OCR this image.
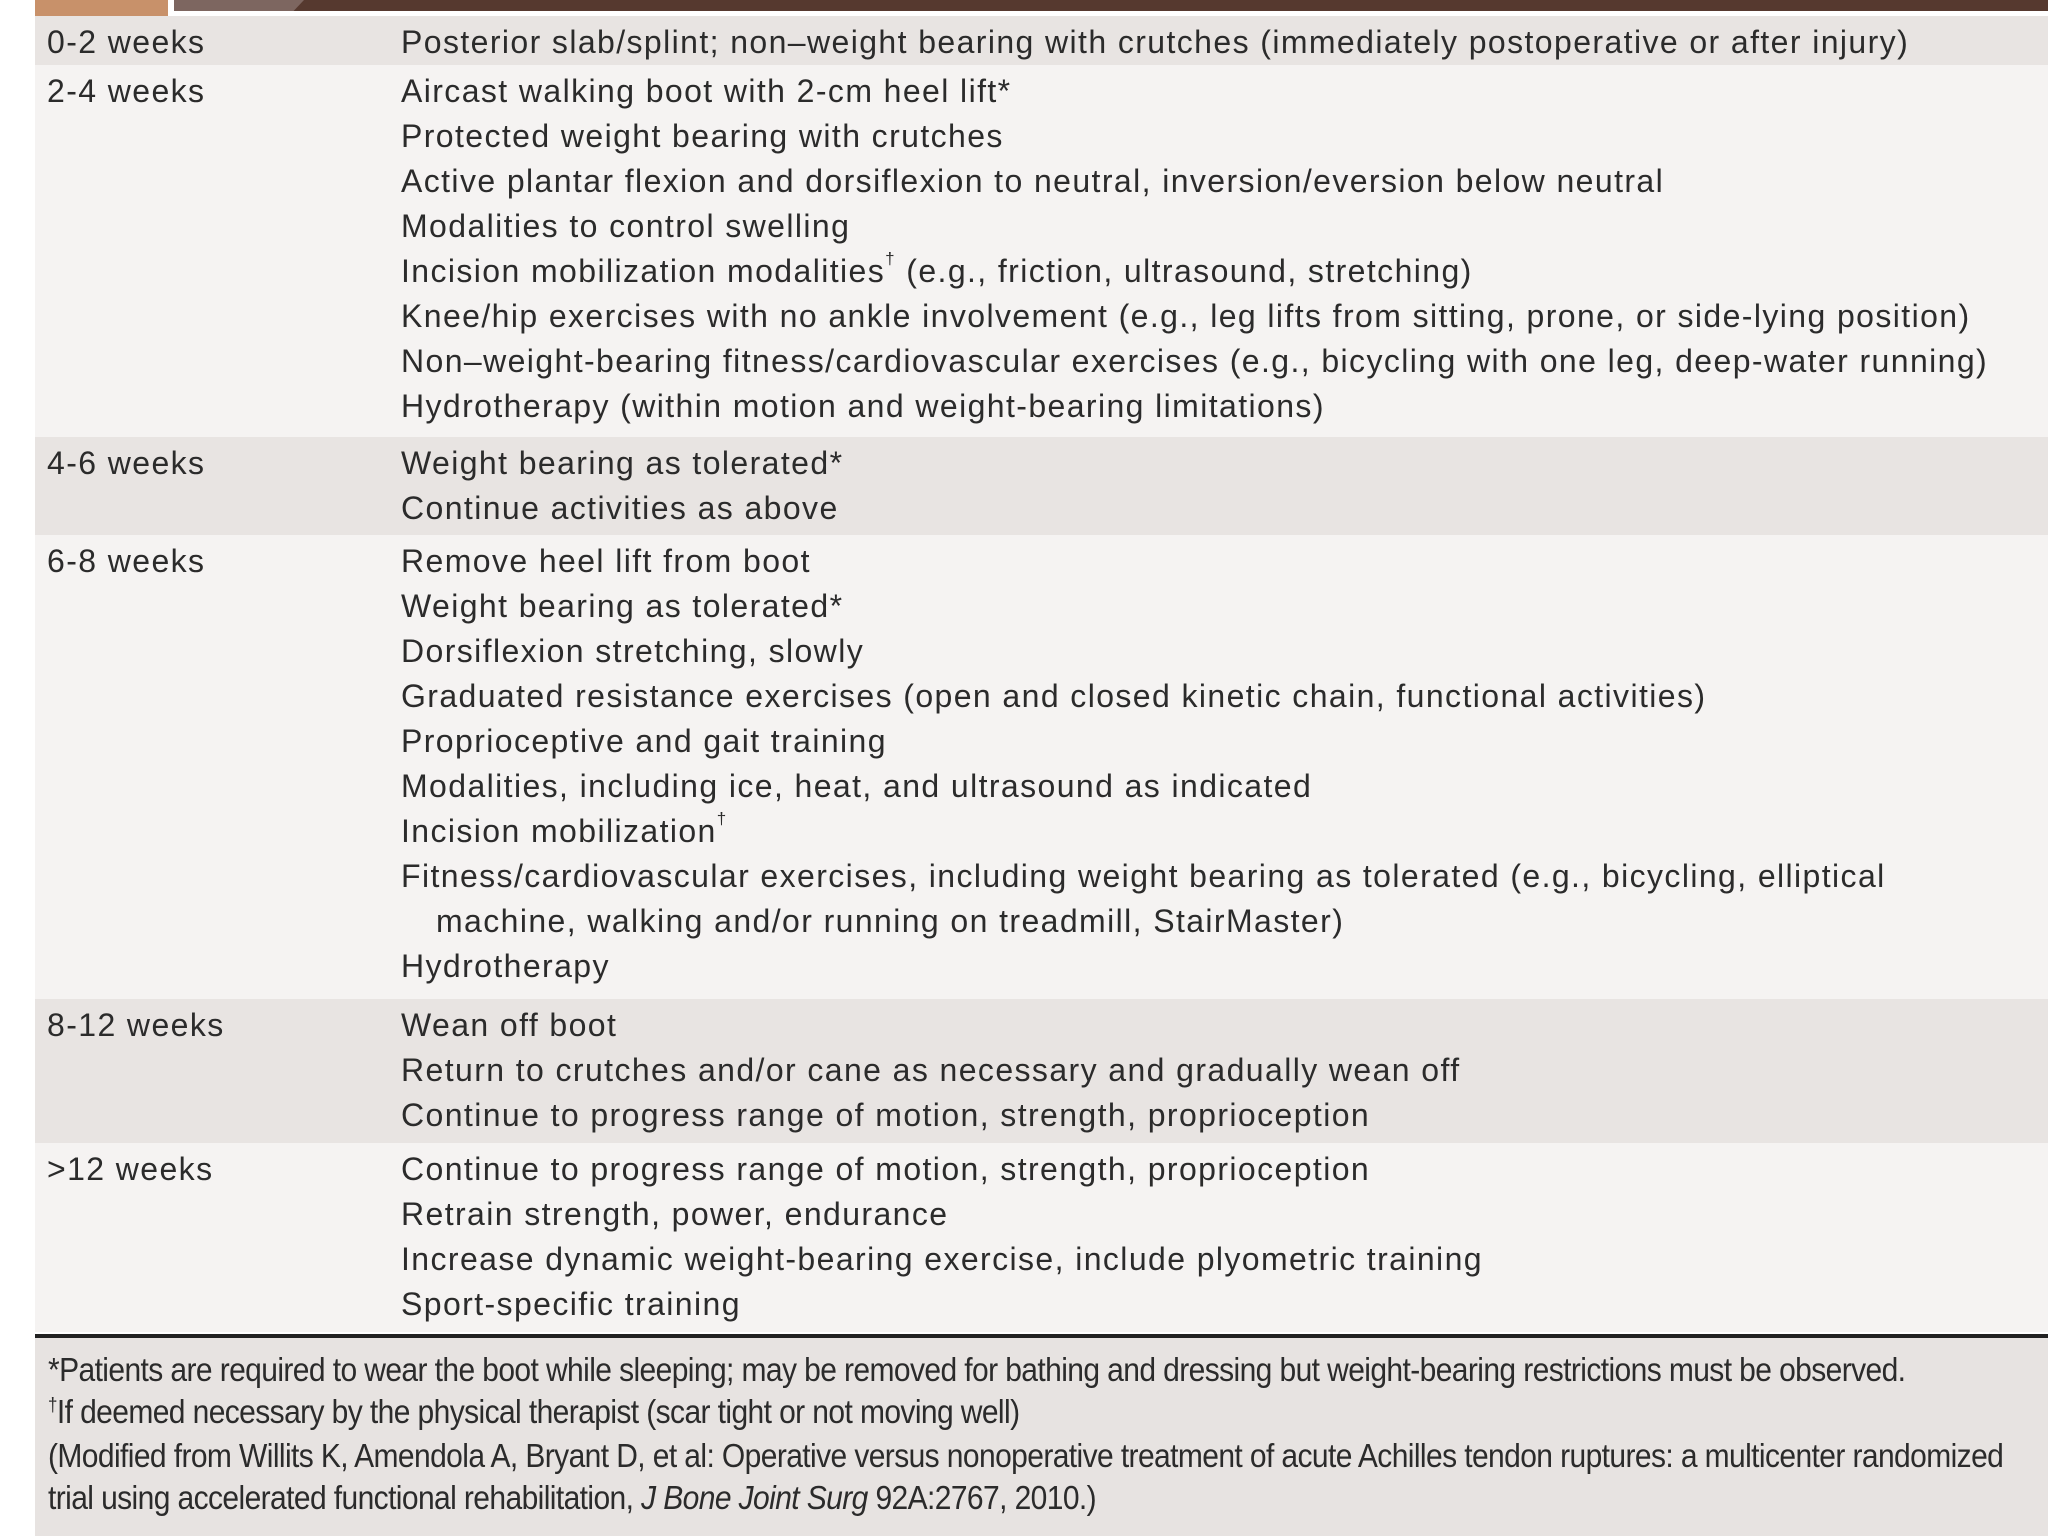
0-2 weeks	Posterior slab/splint; non–weight bearing with crutches (immediately postoperative or after injury)
2-4 weeks	Aircast walking boot with 2-cm heel lift*
Protected weight bearing with crutches
Active plantar flexion and dorsiflexion to neutral, inversion/eversion below neutral
Modalities to control swelling
Incision mobilization modalities† (e.g., friction, ultrasound, stretching)
Knee/hip exercises with no ankle involvement (e.g., leg lifts from sitting, prone, or side-lying position)
Non–weight-bearing fitness/cardiovascular exercises (e.g., bicycling with one leg, deep-water running)
Hydrotherapy (within motion and weight-bearing limitations)
4-6 weeks	Weight bearing as tolerated*
Continue activities as above
6-8 weeks	Remove heel lift from boot
Weight bearing as tolerated*
Dorsiflexion stretching, slowly
Graduated resistance exercises (open and closed kinetic chain, functional activities)
Proprioceptive and gait training
Modalities, including ice, heat, and ultrasound as indicated
Incision mobilization†
Fitness/cardiovascular exercises, including weight bearing as tolerated (e.g., bicycling, elliptical
machine, walking and/or running on treadmill, StairMaster)
Hydrotherapy
8-12 weeks	Wean off boot
Return to crutches and/or cane as necessary and gradually wean off
Continue to progress range of motion, strength, proprioception
>12 weeks	Continue to progress range of motion, strength, proprioception
Retrain strength, power, endurance
Increase dynamic weight-bearing exercise, include plyometric training
Sport-specific training
*Patients are required to wear the boot while sleeping; may be removed for bathing and dressing but weight-bearing restrictions must be observed.
†If deemed necessary by the physical therapist (scar tight or not moving well)
(Modified from Willits K, Amendola A, Bryant D, et al: Operative versus nonoperative treatment of acute Achilles tendon ruptures: a multicenter randomized
trial using accelerated functional rehabilitation, J Bone Joint Surg 92A:2767, 2010.)
